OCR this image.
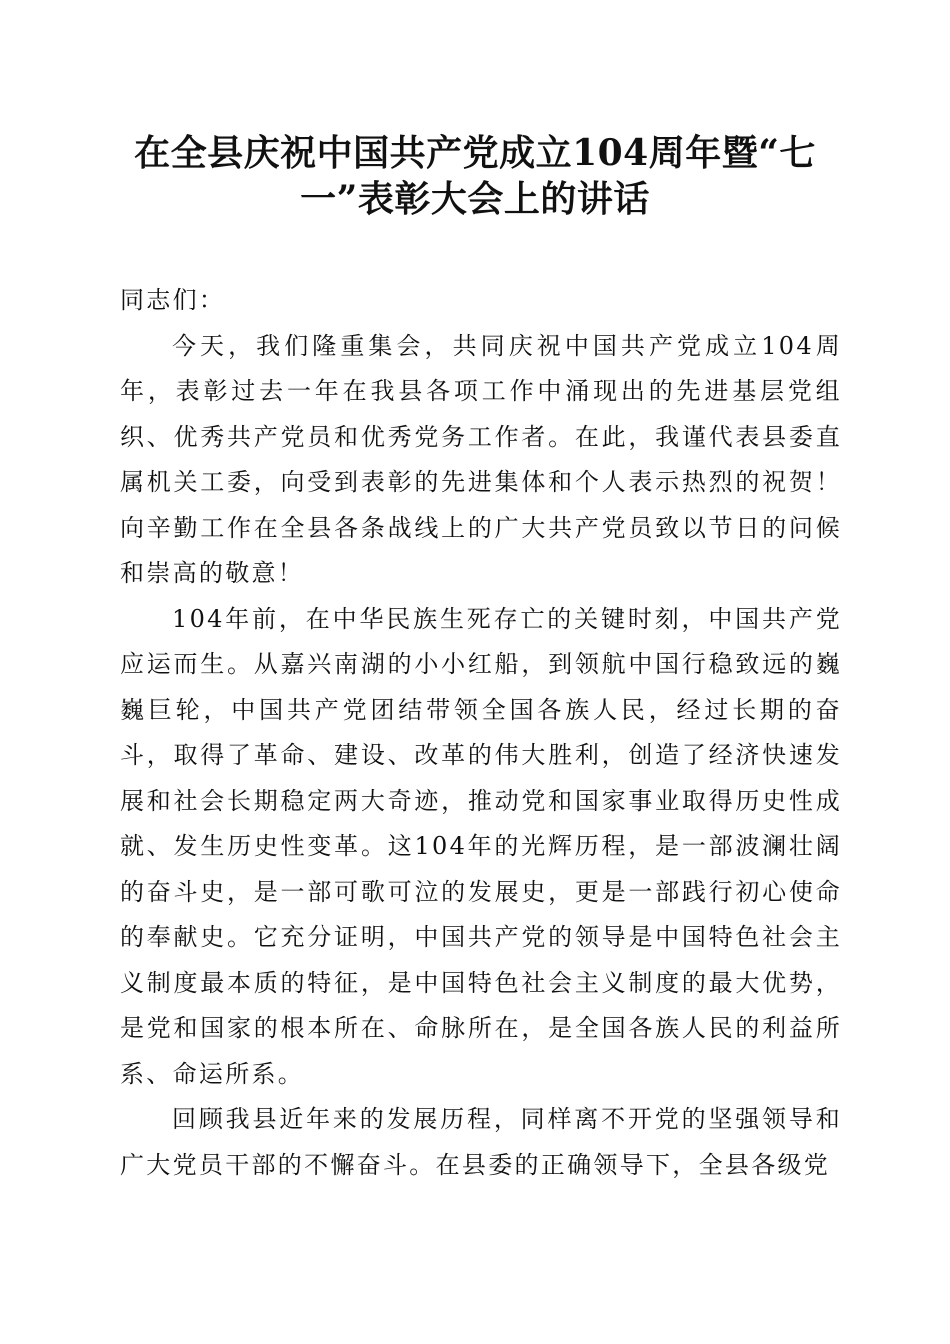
在全县庆祝中国共产党成立104周年暨“七
一”表彰大会上的讲话

同志们：

今天，我们隆重集会，共同庆祝中国共产党成立104周年，表彰过去一年在我县各项工作中涌现出的先进基层党组织、优秀共产党员和优秀党务工作者。在此，我谨代表县委直属机关工委，向受到表彰的先进集体和个人表示热烈的祝贺！向辛勤工作在全县各条战线上的广大共产党员致以节日的问候和崇高的敬意！

104年前，在中华民族生死存亡的关键时刻，中国共产党应运而生。从嘉兴南湖的小小红船，到领航中国行稳致远的巍巍巨轮，中国共产党团结带领全国各族人民，经过长期的奋斗，取得了革命、建设、改革的伟大胜利，创造了经济快速发展和社会长期稳定两大奇迹，推动党和国家事业取得历史性成就、发生历史性变革。这104年的光辉历程，是一部波澜壮阔的奋斗史，是一部可歌可泣的发展史，更是一部践行初心使命的奉献史。它充分证明，中国共产党的领导是中国特色社会主义制度最本质的特征，是中国特色社会主义制度的最大优势，是党和国家的根本所在、命脉所在，是全国各族人民的利益所系、命运所系。

回顾我县近年来的发展历程，同样离不开党的坚强领导和广大党员干部的不懈奋斗。在县委的正确领导下，全县各级党
